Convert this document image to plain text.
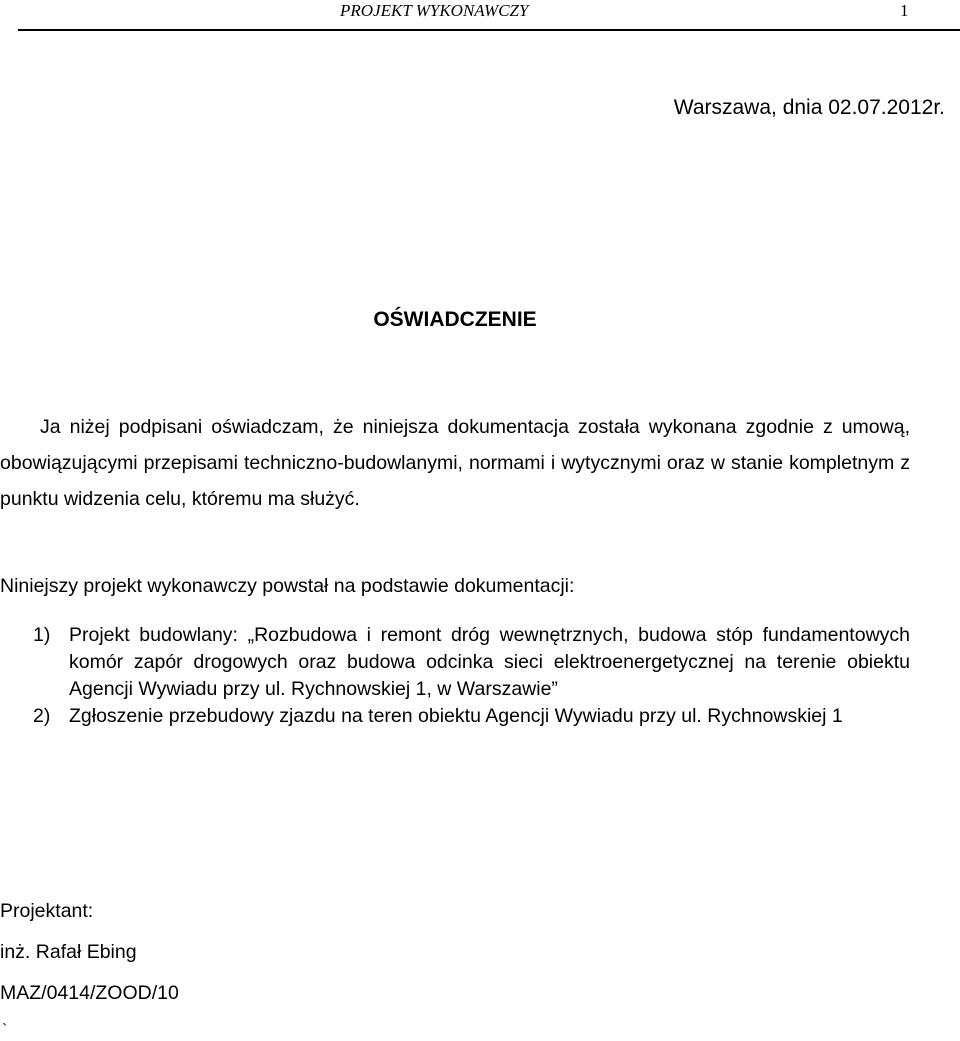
PROJEKT WYKONAWCZY	1
Warszawa, dnia 02.07.2012r.
OŚWIADCZENIE

Ja niżej podpisani oświadczam, że niniejsza dokumentacja została wykonana zgodnie z umową, obowiązującymi przepisami techniczno-budowlanymi, normami i wytycznymi oraz w stanie kompletnym z punktu widzenia celu, któremu ma służyć.

Niniejszy projekt wykonawczy powstał na podstawie dokumentacji:

1) Projekt budowlany: „Rozbudowa i remont dróg wewnętrznych, budowa stóp fundamentowych komór zapór drogowych oraz budowa odcinka sieci elektroenergetycznej na terenie obiektu Agencji Wywiadu przy ul. Rychnowskiej 1, w Warszawie”
2) Zgłoszenie przebudowy zjazdu na teren obiektu Agencji Wywiadu przy ul. Rychnowskiej 1
Projektant:
inż. Rafał Ebing
MAZ/0414/ZOOD/10
`
